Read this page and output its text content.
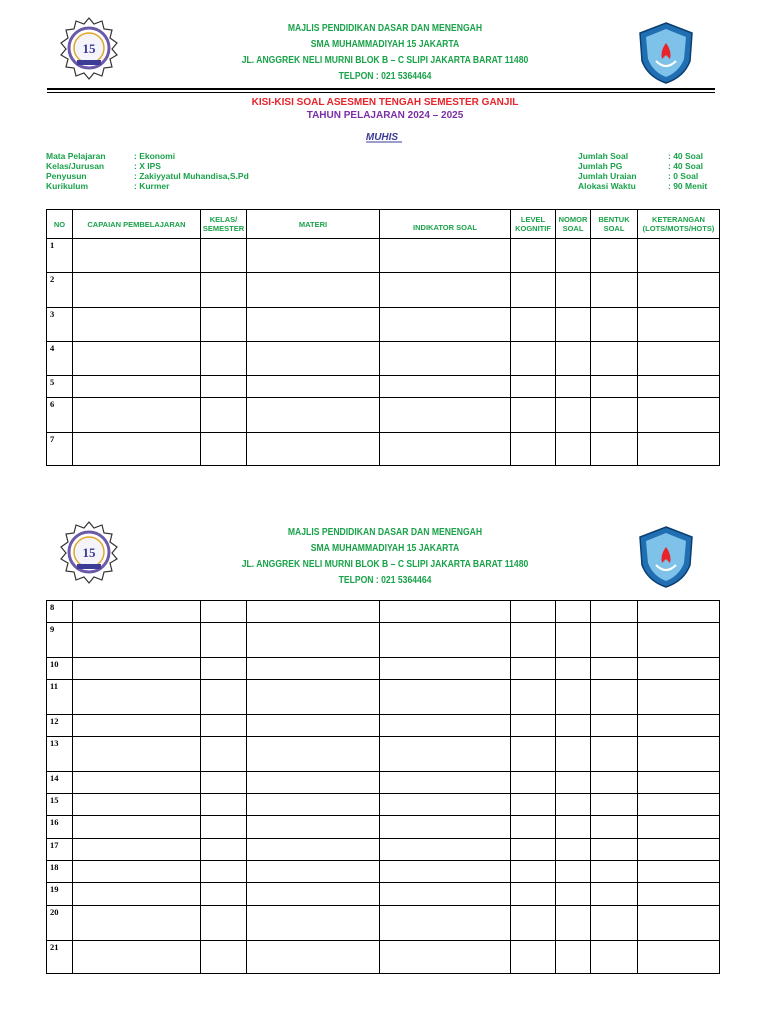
15
MAJLIS PENDIDIKAN DASAR DAN MENENGAH
SMA MUHAMMADIYAH 15 JAKARTA
JL. ANGGREK NELI MURNI BLOK B – C SLIPI JAKARTA BARAT 11480
TELPON : 021 5364464
KISI-KISI SOAL ASESMEN TENGAH SEMESTER GANJIL
TAHUN PELAJARAN 2024 – 2025
MUHIS
Mata Pelajaran	: Ekonomi
Kelas/Jurusan	: X IPS
Penyusun	: Zakiyyatul Muhandisa,S.Pd
Kurikulum	: Kurmer
Jumlah Soal	: 40 Soal
Jumlah PG	: 40 Soal
Jumlah Uraian	: 0 Soal
Alokasi Waktu	: 90 Menit
NO	CAPAIAN PEMBELAJARAN	KELAS/
SEMESTER	MATERI	INDIKATOR SOAL	LEVEL
KOGNITIF	NOMOR
SOAL	BENTUK
SOAL	KETERANGAN
(LOTS/MOTS/HOTS)
1								
2								
3								
4								
5								
6								
7								
15
MAJLIS PENDIDIKAN DASAR DAN MENENGAH
SMA MUHAMMADIYAH 15 JAKARTA
JL. ANGGREK NELI MURNI BLOK B – C SLIPI JAKARTA BARAT 11480
TELPON : 021 5364464
8								
9								
10								
11								
12								
13								
14								
15								
16								
17								
18								
19								
20								
21								
